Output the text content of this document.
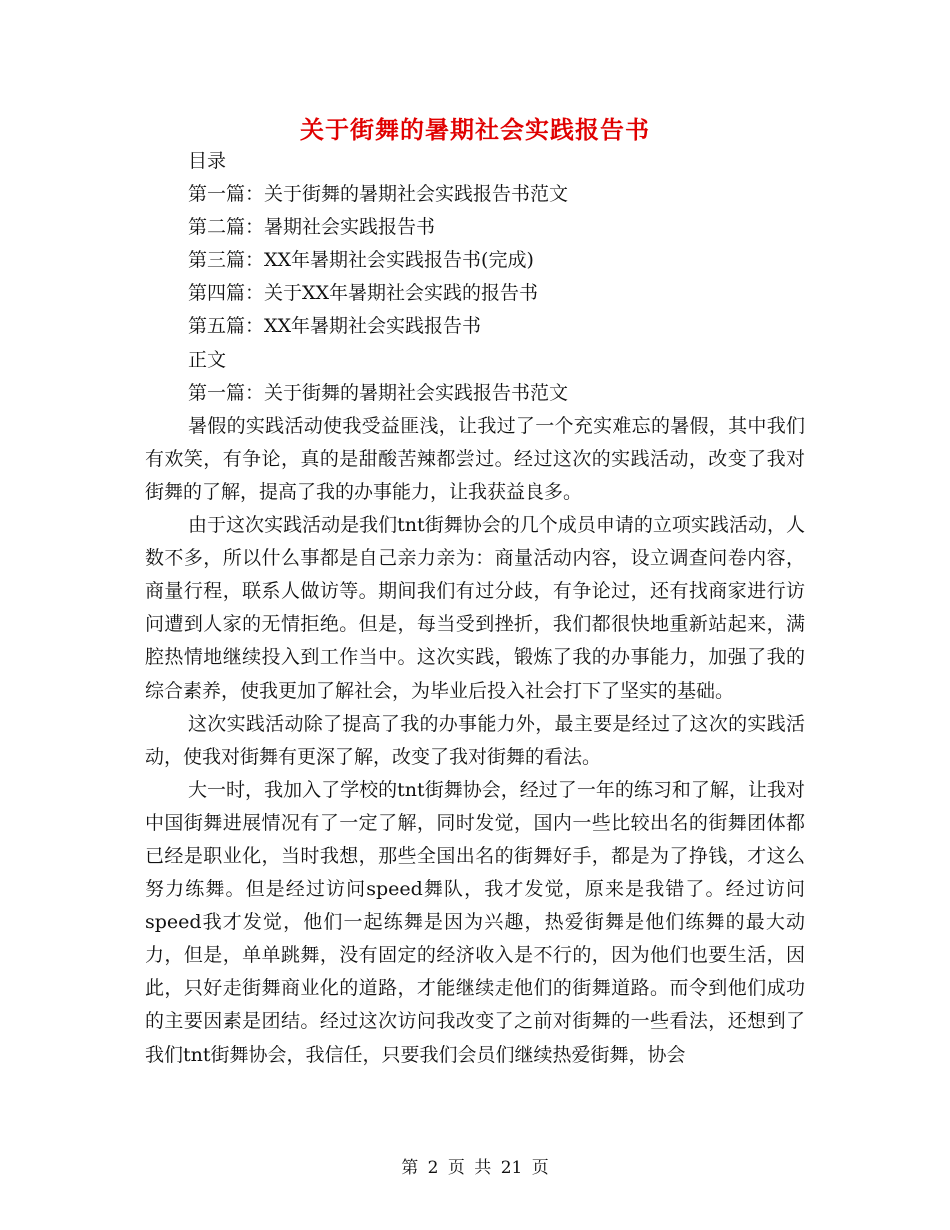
关于街舞的暑期社会实践报告书
目录
第一篇：关于街舞的暑期社会实践报告书范文
第二篇：暑期社会实践报告书
第三篇：XX年暑期社会实践报告书(完成)
第四篇：关于XX年暑期社会实践的报告书
第五篇：XX年暑期社会实践报告书
正文
第一篇：关于街舞的暑期社会实践报告书范文

暑假的实践活动使我受益匪浅，让我过了一个充实难忘的暑假，其中我们有欢笑，有争论，真的是甜酸苦辣都尝过。经过这次的实践活动，改变了我对街舞的了解，提高了我的办事能力，让我获益良多。

由于这次实践活动是我们tnt街舞协会的几个成员申请的立项实践活动，人数不多，所以什么事都是自己亲力亲为：商量活动内容，设立调查问卷内容，商量行程，联系人做访等。期间我们有过分歧，有争论过，还有找商家进行访问遭到人家的无情拒绝。但是，每当受到挫折，我们都很快地重新站起来，满腔热情地继续投入到工作当中。这次实践，锻炼了我的办事能力，加强了我的综合素养，使我更加了解社会，为毕业后投入社会打下了坚实的基础。

这次实践活动除了提高了我的办事能力外，最主要是经过了这次的实践活动，使我对街舞有更深了解，改变了我对街舞的看法。

大一时，我加入了学校的tnt街舞协会，经过了一年的练习和了解，让我对中国街舞进展情况有了一定了解，同时发觉，国内一些比较出名的街舞团体都已经是职业化，当时我想，那些全国出名的街舞好手，都是为了挣钱，才这么努力练舞。但是经过访问speed舞队，我才发觉，原来是我错了。经过访问 speed我才发觉，他们一起练舞是因为兴趣，热爱街舞是他们练舞的最大动力，但是，单单跳舞，没有固定的经济收入是不行的，因为他们也要生活，因此，只好走街舞商业化的道路，才能继续走他们的街舞道路。而令到他们成功的主要因素是团结。经过这次访问我改变了之前对街舞的一些看法，还想到了我们tnt街舞协会，我信任，只要我们会员们继续热爱街舞，协会

第 2 页 共 21 页
